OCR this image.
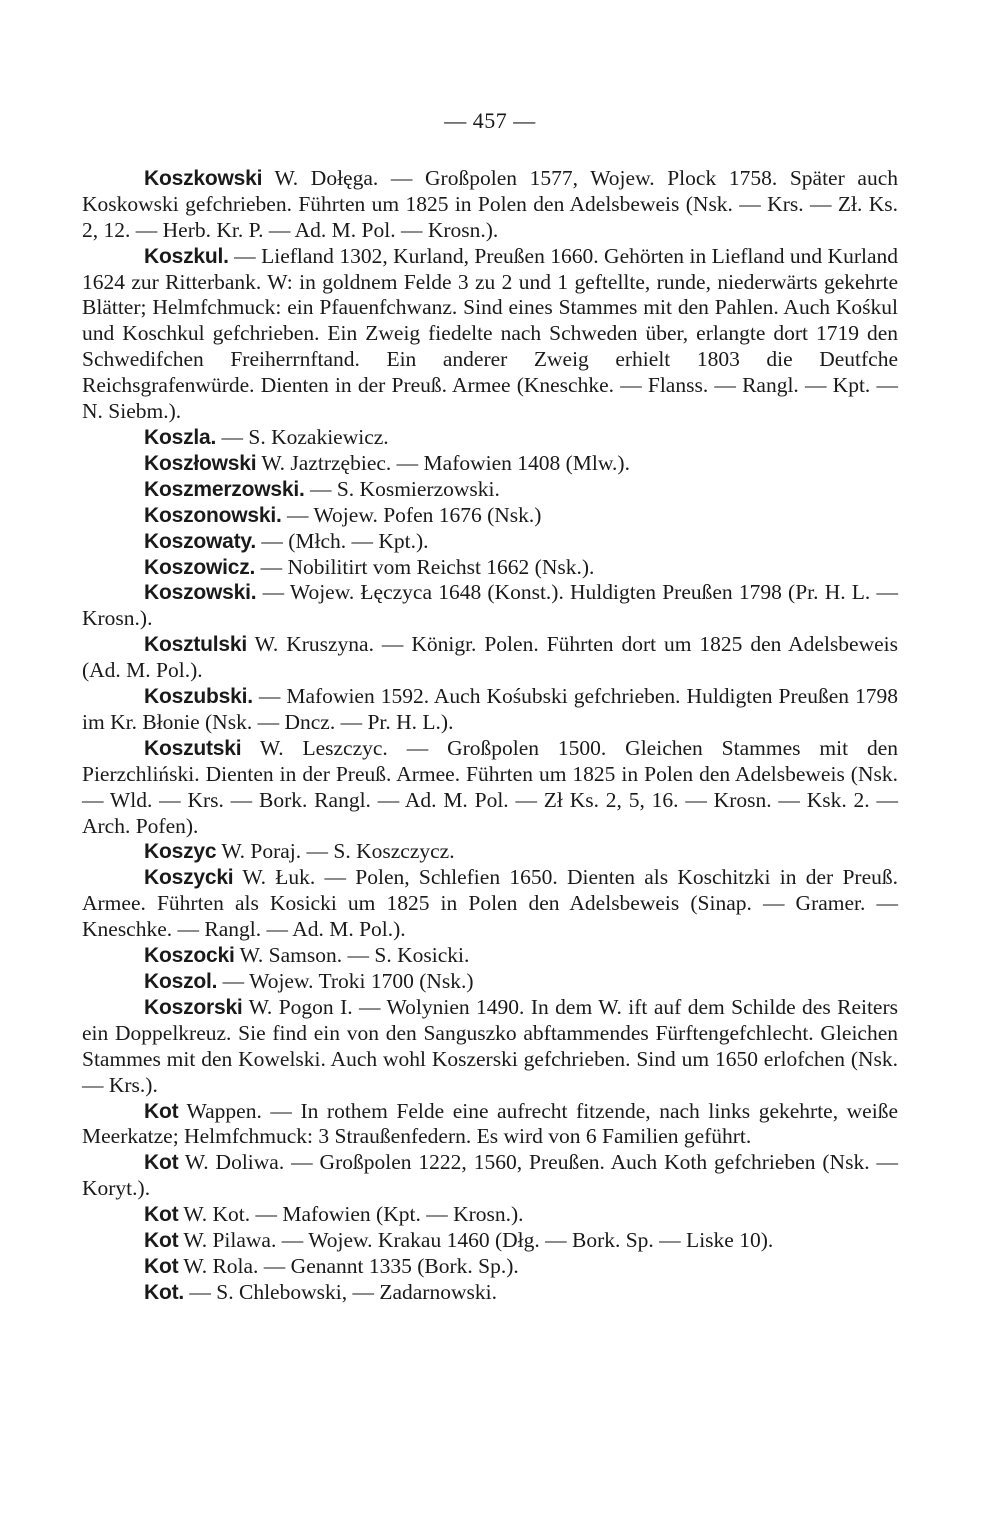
— 457 —

Koszkowski W. Dołęga. — Großpolen 1577, Wojew. Plock 1758. Später auch Koskowski gefchrieben. Führten um 1825 in Polen den Adelsbeweis (Nsk. — Krs. — Zł. Ks. 2, 12. — Herb. Kr. P. — Ad. M. Pol. — Krosn.).

Koszkul. — Liefland 1302, Kurland, Preußen 1660. Gehörten in Liefland und Kurland 1624 zur Ritterbank. W: in goldnem Felde 3 zu 2 und 1 geftellte, runde, niederwärts gekehrte Blätter; Helmfchmuck: ein Pfauenfchwanz. Sind eines Stammes mit den Pahlen. Auch Kośkul und Koschkul gefchrieben. Ein Zweig fiedelte nach Schweden über, erlangte dort 1719 den Schwedifchen Freiherrnftand. Ein anderer Zweig erhielt 1803 die Deutfche Reichsgrafenwürde. Dienten in der Preuß. Armee (Kneschke. — Flanss. — Rangl. — Kpt. — N. Siebm.).

Koszla. — S. Kozakiewicz.

Koszłowski W. Jaztrzębiec. — Mafowien 1408 (Mlw.).

Koszmerzowski. — S. Kosmierzowski.

Koszonowski. — Wojew. Pofen 1676 (Nsk.)

Koszowaty. — (Młch. — Kpt.).

Koszowicz. — Nobilitirt vom Reichst 1662 (Nsk.).

Koszowski. — Wojew. Łęczyca 1648 (Konst.). Huldigten Preußen 1798 (Pr. H. L. — Krosn.).

Kosztulski W. Kruszyna. — Königr. Polen. Führten dort um 1825 den Adelsbeweis (Ad. M. Pol.).

Koszubski. — Mafowien 1592. Auch Kośubski gefchrieben. Huldigten Preußen 1798 im Kr. Błonie (Nsk. — Dncz. — Pr. H. L.).

Koszutski W. Leszczyc. — Großpolen 1500. Gleichen Stammes mit den Pierzchliński. Dienten in der Preuß. Armee. Führten um 1825 in Polen den Adelsbeweis (Nsk. — Wld. — Krs. — Bork. Rangl. — Ad. M. Pol. — Zł Ks. 2, 5, 16. — Krosn. — Ksk. 2. — Arch. Pofen).

Koszyc W. Poraj. — S. Koszczycz.

Koszycki W. Łuk. — Polen, Schlefien 1650. Dienten als Koschitzki in der Preuß. Armee. Führten als Kosicki um 1825 in Polen den Adelsbeweis (Sinap. — Gramer. — Kneschke. — Rangl. — Ad. M. Pol.).

Koszocki W. Samson. — S. Kosicki.

Koszol. — Wojew. Troki 1700 (Nsk.)

Koszorski W. Pogon I. — Wolynien 1490. In dem W. ift auf dem Schilde des Reiters ein Doppelkreuz. Sie find ein von den Sanguszko abftammendes Fürftengefchlecht. Gleichen Stammes mit den Kowelski. Auch wohl Koszerski gefchrieben. Sind um 1650 erlofchen (Nsk. — Krs.).

Kot Wappen. — In rothem Felde eine aufrecht fitzende, nach links gekehrte, weiße Meerkatze; Helmfchmuck: 3 Straußenfedern. Es wird von 6 Familien geführt.

Kot W. Doliwa. — Großpolen 1222, 1560, Preußen. Auch Koth gefchrieben (Nsk. — Koryt.).

Kot W. Kot. — Mafowien (Kpt. — Krosn.).

Kot W. Pilawa. — Wojew. Krakau 1460 (Dłg. — Bork. Sp. — Liske 10).

Kot W. Rola. — Genannt 1335 (Bork. Sp.).

Kot. — S. Chlebowski, — Zadarnowski.
